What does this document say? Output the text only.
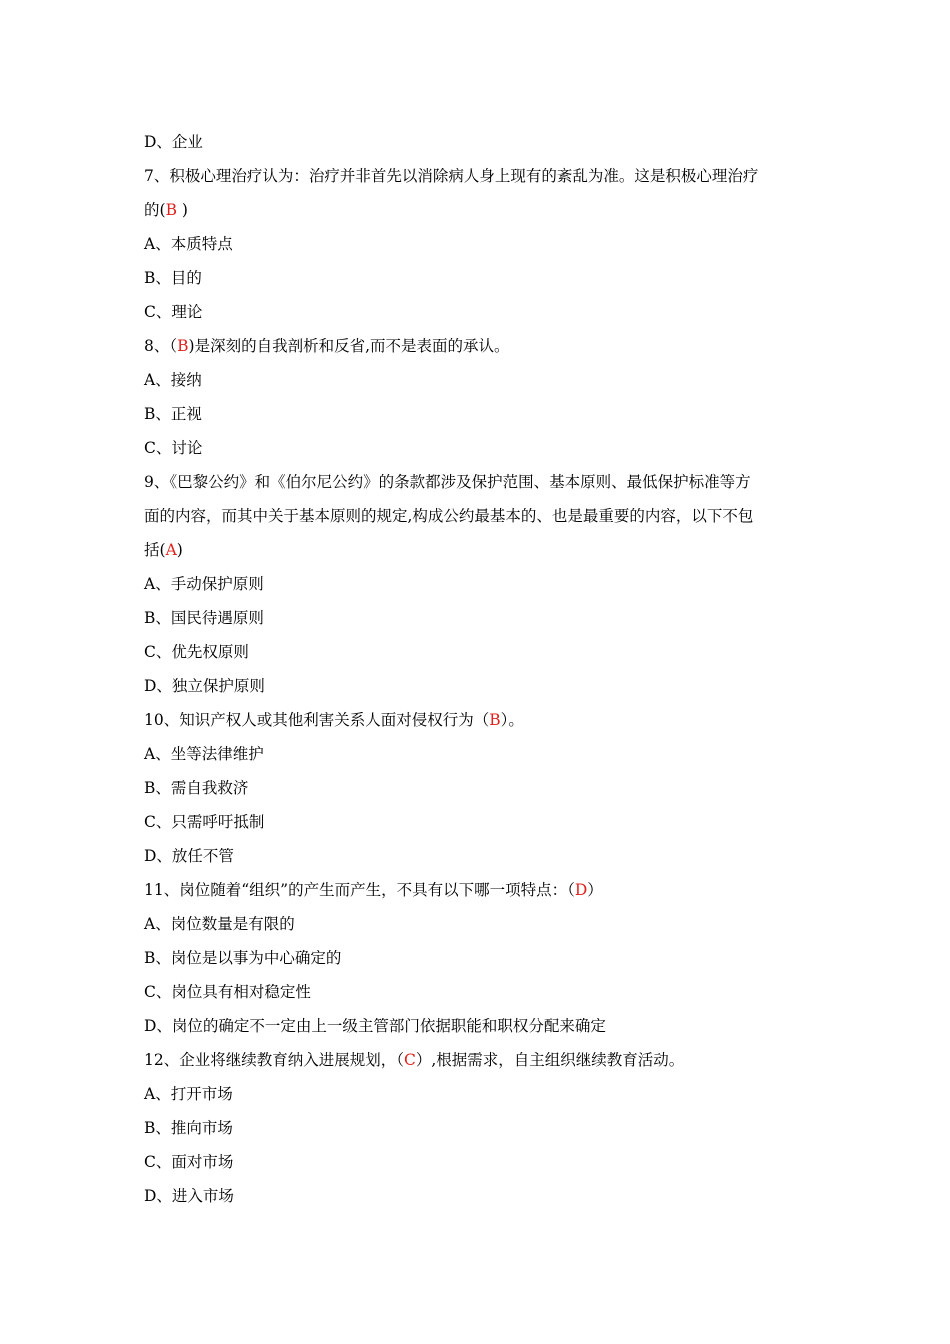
D、企业
7、积极心理治疗认为：治疗并非首先以消除病人身上现有的紊乱为准。这是积极心理治疗
的(B )
A、本质特点
B、目的
C、理论
8、（B)是深刻的自我剖析和反省,而不是表面的承认。
A、接纳
B、正视
C、讨论
9、《巴黎公约》和《伯尔尼公约》的条款都涉及保护范围、基本原则、最低保护标准等方
面的内容，而其中关于基本原则的规定,构成公约最基本的、也是最重要的内容，以下不包
括(A)
A、手动保护原则
B、国民待遇原则
C、优先权原则
D、独立保护原则
10、知识产权人或其他利害关系人面对侵权行为（B）。
A、坐等法律维护
B、需自我救济
C、只需呼吁抵制
D、放任不管
11、岗位随着“组织”的产生而产生，不具有以下哪一项特点：（D）
A、岗位数量是有限的
B、岗位是以事为中心确定的
C、岗位具有相对稳定性
D、岗位的确定不一定由上一级主管部门依据职能和职权分配来确定
12、企业将继续教育纳入进展规划，（C）,根据需求，自主组织继续教育活动。
A、打开市场
B、推向市场
C、面对市场
D、进入市场
